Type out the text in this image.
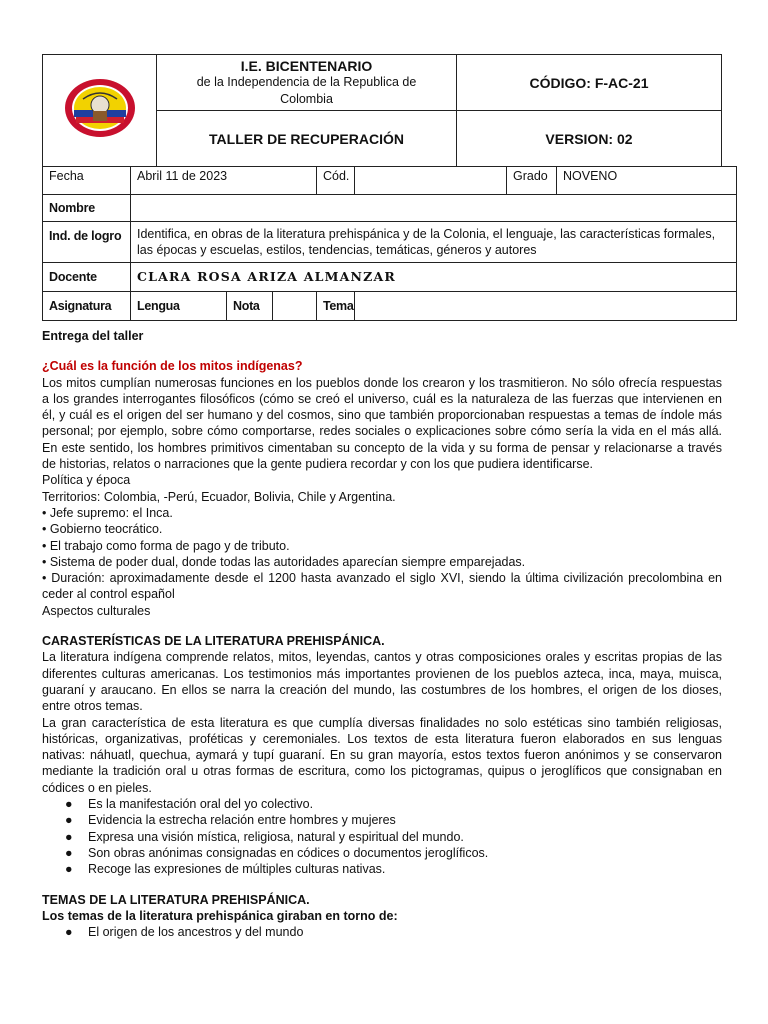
I.E. BICENTENARIO
de la Independencia de la Republica de Colombia	CÓDIGO: F-AC-21
	TALLER DE RECUPERACIÓN	VERSION: 02
Fecha	Abril 11 de 2023			Cód.		Grado	NOVENO
Nombre							
Ind. de logro	Identifica, en obras de la literatura prehispánica y de la Colonia, el lenguaje, las características formales, las épocas y escuelas, estilos, tendencias, temáticas, géneros y autores						
Docente	CLARA ROSA ARIZA ALMANZAR						
Asignatura	Lengua	Nota		Tema			

Entrega del taller

¿Cuál es la función de los mitos indígenas?

Los mitos cumplían numerosas funciones en los pueblos donde los crearon y los trasmitieron. No sólo ofrecía respuestas a los grandes interrogantes filosóficos (cómo se creó el universo, cuál es la naturaleza de las fuerzas que intervienen en él, y cuál es el origen del ser humano y del cosmos, sino que también proporcionaban respuestas a temas de índole más personal; por ejemplo, sobre cómo comportarse, redes sociales o explicaciones sobre cómo sería la vida en el más allá. En este sentido, los hombres primitivos cimentaban su concepto de la vida y su forma de pensar y relacionarse a través de historias, relatos o narraciones que la gente pudiera recordar y con los que pudiera identificarse.

Política y época

Territorios: Colombia, -Perú, Ecuador, Bolivia, Chile y Argentina.

• Jefe supremo: el Inca.

• Gobierno teocrático.

• El trabajo como forma de pago y de tributo.

• Sistema de poder dual, donde todas las autoridades aparecían siempre emparejadas.

• Duración: aproximadamente desde el 1200 hasta avanzado el siglo XVI, siendo la última civilización precolombina en ceder al control español

Aspectos culturales

CARASTERÍSTICAS DE LA LITERATURA PREHISPÁNICA.

La literatura indígena comprende relatos, mitos, leyendas, cantos y otras composiciones orales y escritas propias de las diferentes culturas americanas. Los testimonios más importantes provienen de los pueblos azteca, inca, maya, muisca, guaraní y araucano. En ellos se narra la creación del mundo, las costumbres de los hombres, el origen de los dioses, entre otros temas.

La gran característica de esta literatura es que cumplía diversas finalidades no solo estéticas sino también religiosas, históricas, organizativas, proféticas y ceremoniales. Los textos de esta literatura fueron elaborados en sus lenguas nativas: náhuatl, quechua, aymará y tupí guaraní. En su gran mayoría, estos textos fueron anónimos y se conservaron mediante la tradición oral u otras formas de escritura, como los pictogramas, quipus o jeroglíficos que consignaban en códices o en pieles.

● Es la manifestación oral del yo colectivo.
● Evidencia la estrecha relación entre hombres y mujeres
● Expresa una visión mística, religiosa, natural y espiritual del mundo.
● Son obras anónimas consignadas en códices o documentos jeroglíficos.
● Recoge las expresiones de múltiples culturas nativas.

TEMAS DE LA LITERATURA PREHISPÁNICA.

Los temas de la literatura prehispánica giraban en torno de:

● El origen de los ancestros y del mundo
